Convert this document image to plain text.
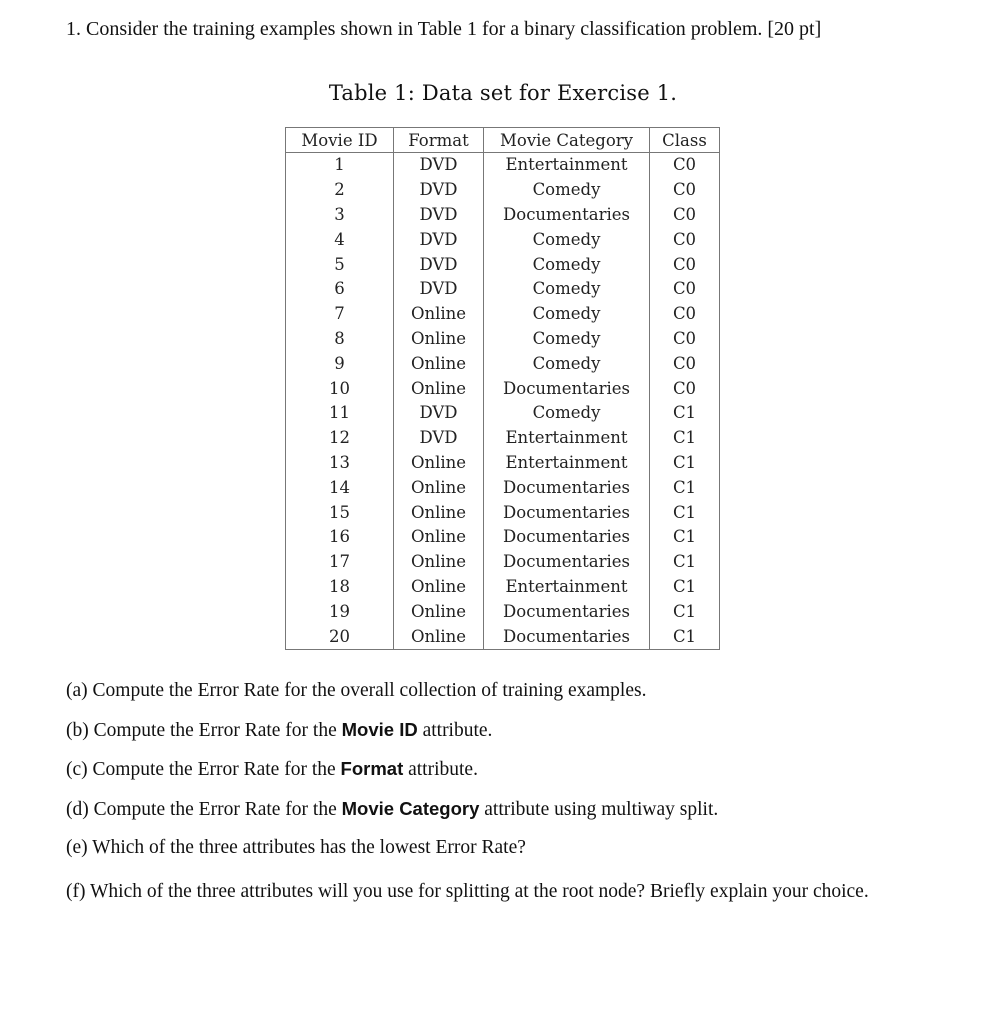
1. Consider the training examples shown in Table 1 for a binary classification problem. [20 pt]
Table 1: Data set for Exercise 1.
Movie ID	Format	Movie Category	Class
1	DVD	Entertainment	C0
2	DVD	Comedy	C0
3	DVD	Documentaries	C0
4	DVD	Comedy	C0
5	DVD	Comedy	C0
6	DVD	Comedy	C0
7	Online	Comedy	C0
8	Online	Comedy	C0
9	Online	Comedy	C0
10	Online	Documentaries	C0
11	DVD	Comedy	C1
12	DVD	Entertainment	C1
13	Online	Entertainment	C1
14	Online	Documentaries	C1
15	Online	Documentaries	C1
16	Online	Documentaries	C1
17	Online	Documentaries	C1
18	Online	Entertainment	C1
19	Online	Documentaries	C1
20	Online	Documentaries	C1
(a) Compute the Error Rate for the overall collection of training examples.
(b) Compute the Error Rate for the Movie ID attribute.
(c) Compute the Error Rate for the Format attribute.
(d) Compute the Error Rate for the Movie Category attribute using multiway split.
(e) Which of the three attributes has the lowest Error Rate?
(f) Which of the three attributes will you use for splitting at the root node? Briefly explain your choice.
